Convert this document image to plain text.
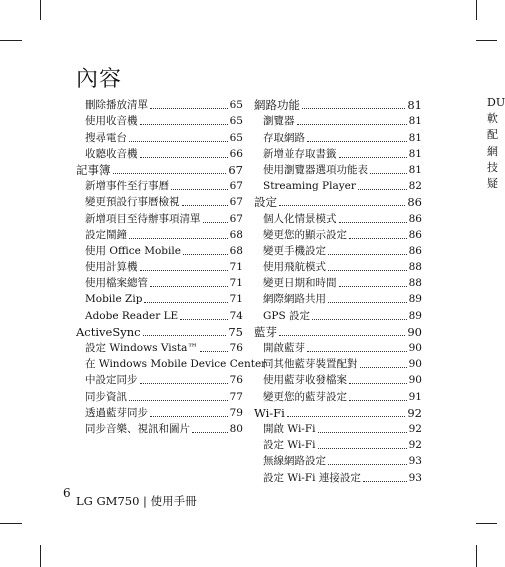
內容
刪除播放清單	65
使用收音機	65
搜尋電台	65
收聽收音機	66
記事簿	67
新增事件至行事曆	67
變更預設行事曆檢視	67
新增項目至待辦事項清單	67
設定鬧鐘	68
使用 Office Mobile	68
使用計算機	71
使用檔案總管	71
Mobile Zip	71
Adobe Reader LE	74
ActiveSync	75
設定 Windows Vista™	76
在 Windows Mobile Device Center
中設定同步	76
同步資訊	77
透過藍芽同步	79
同步音樂、視訊和圖片	80
網路功能	81
瀏覽器	81
存取網路	81
新增並存取書籤	81
使用瀏覽器選項功能表	81
Streaming Player	82
設定	86
個人化情景模式	86
變更您的顯示設定	86
變更手機設定	86
使用飛航模式	88
變更日期和時間	88
網際網路共用	89
GPS 設定	89
藍芽	90
開啟藍芽	90
同其他藍芽裝置配對	90
使用藍芽收發檔案	90
變更您的藍芽設定	91
Wi-Fi	92
開啟 Wi-Fi	92
設定 Wi-Fi	92
無線網路設定	93
設定 Wi-Fi 連接設定	93
DU
軟
配
網
技
疑
6
LG GM750 | 使用手冊
